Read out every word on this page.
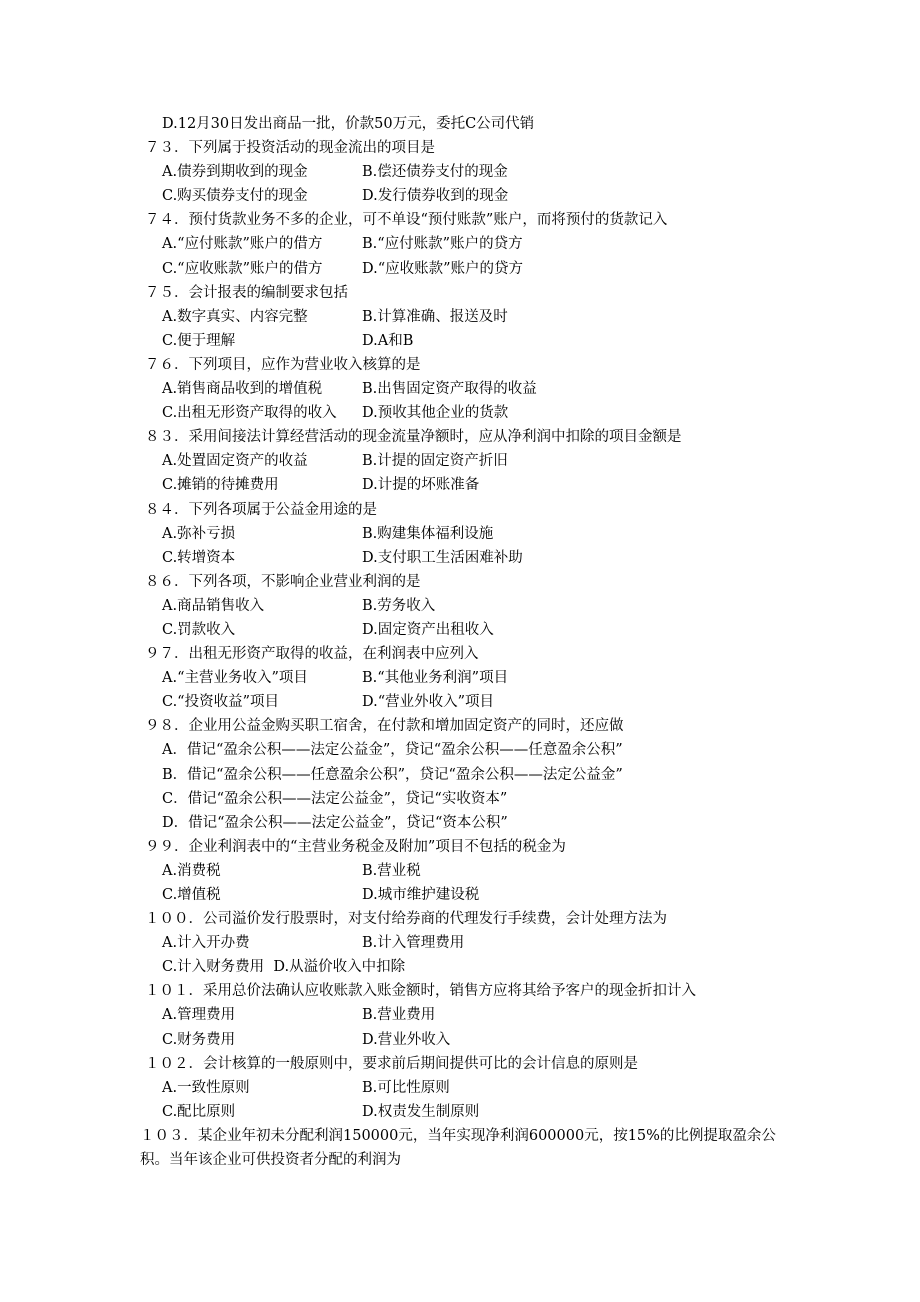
D.12月30日发出商品一批，价款50万元，委托C公司代销
７３．下列属于投资活动的现金流出的项目是
A.债券到期收到的现金	B.偿还债券支付的现金
C.购买债券支付的现金	D.发行债券收到的现金
７４．预付货款业务不多的企业，可不单设“预付账款”账户，而将预付的货款记入
A.“应付账款”账户的借方	B.“应付账款”账户的贷方
C.“应收账款”账户的借方	D.“应收账款”账户的贷方
７５．会计报表的编制要求包括
A.数字真实、内容完整	B.计算准确、报送及时
C.便于理解	D.A和B
７６．下列项目，应作为营业收入核算的是
A.销售商品收到的增值税	B.出售固定资产取得的收益
C.出租无形资产取得的收入	D.预收其他企业的货款
８３．采用间接法计算经营活动的现金流量净额时，应从净利润中扣除的项目金额是
A.处置固定资产的收益	B.计提的固定资产折旧
C.摊销的待摊费用	D.计提的坏账准备
８４．下列各项属于公益金用途的是
A.弥补亏损	B.购建集体福利设施
C.转增资本	D.支付职工生活困难补助
８６．下列各项，不影响企业营业利润的是
A.商品销售收入	B.劳务收入
C.罚款收入	D.固定资产出租收入
９７．出租无形资产取得的收益，在利润表中应列入
A.“主营业务收入”项目	B.“其他业务利润”项目
C.“投资收益”项目	D.“营业外收入”项目
９８．企业用公益金购买职工宿舍，在付款和增加固定资产的同时，还应做
A．借记“盈余公积——法定公益金”，贷记“盈余公积——任意盈余公积”
B．借记“盈余公积——任意盈余公积”，贷记“盈余公积——法定公益金”
C．借记“盈余公积——法定公益金”，贷记“实收资本”
D．借记“盈余公积——法定公益金”，贷记“资本公积”
９９．企业利润表中的“主营业务税金及附加”项目不包括的税金为
A.消费税	B.营业税
C.增值税	D.城市维护建设税
１００．公司溢价发行股票时，对支付给券商的代理发行手续费，会计处理方法为
A.计入开办费	B.计入管理费用
C.计入财务费用  D.从溢价收入中扣除
１０１．采用总价法确认应收账款入账金额时，销售方应将其给予客户的现金折扣计入
A.管理费用	B.营业费用
C.财务费用	D.营业外收入
１０２．会计核算的一般原则中，要求前后期间提供可比的会计信息的原则是
A.一致性原则	B.可比性原则
C.配比原则	D.权责发生制原则
１０３．某企业年初未分配利润150000元，当年实现净利润600000元，按15%的比例提取盈余公积。当年该企业可供投资者分配的利润为
